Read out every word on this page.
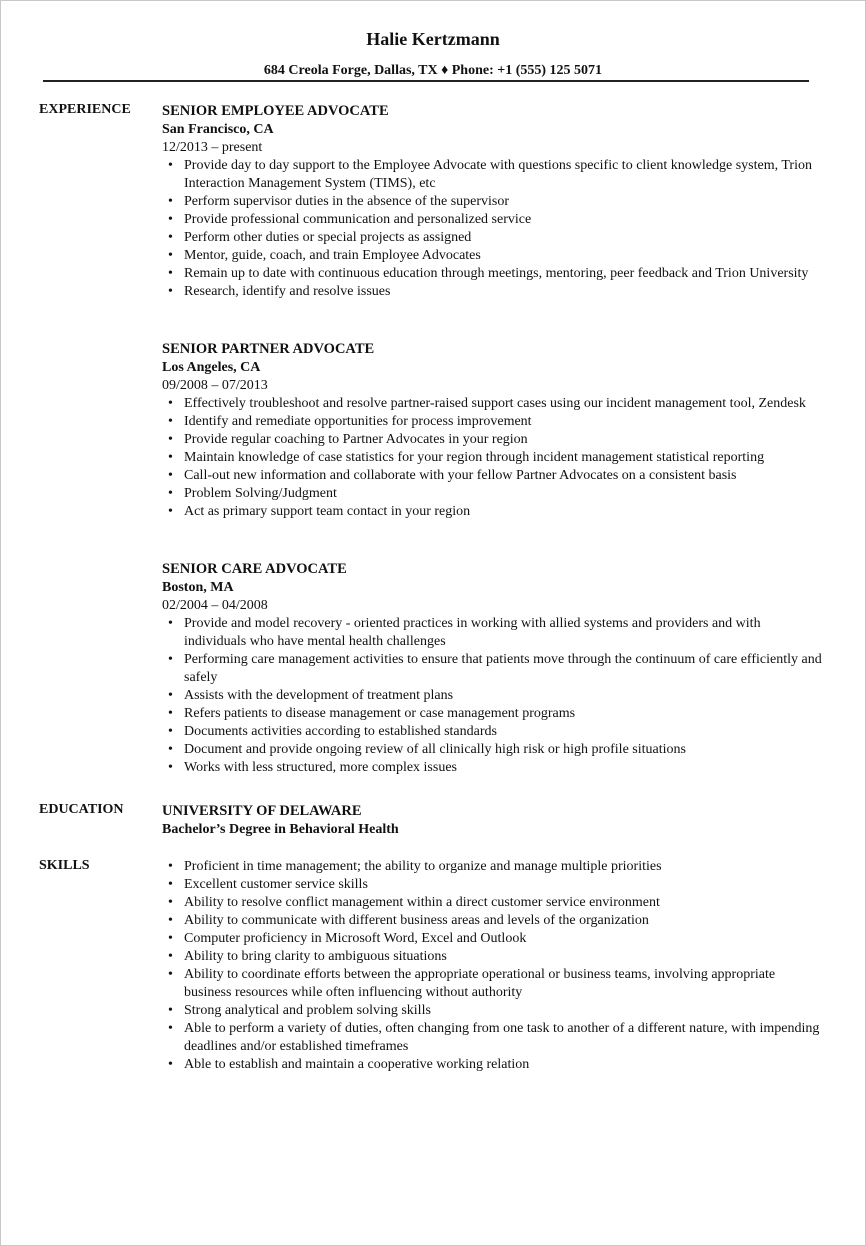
Halie Kertzmann
684 Creola Forge, Dallas, TX ♦ Phone: +1 (555) 125 5071
EXPERIENCE SENIOR EMPLOYEE ADVOCATE
San Francisco, CA
12/2013 – present
• Provide day to day support to the Employee Advocate with questions specific to client knowledge system, Trion Interaction Management System (TIMS), etc
• Perform supervisor duties in the absence of the supervisor
• Provide professional communication and personalized service
• Perform other duties or special projects as assigned
• Mentor, guide, coach, and train Employee Advocates
• Remain up to date with continuous education through meetings, mentoring, peer feedback and Trion University
• Research, identify and resolve issues
SENIOR PARTNER ADVOCATE
Los Angeles, CA
09/2008 – 07/2013
• Effectively troubleshoot and resolve partner-raised support cases using our incident management tool, Zendesk
• Identify and remediate opportunities for process improvement
• Provide regular coaching to Partner Advocates in your region
• Maintain knowledge of case statistics for your region through incident management statistical reporting
• Call-out new information and collaborate with your fellow Partner Advocates on a consistent basis
• Problem Solving/Judgment
• Act as primary support team contact in your region
SENIOR CARE ADVOCATE
Boston, MA
02/2004 – 04/2008
• Provide and model recovery - oriented practices in working with allied systems and providers and with individuals who have mental health challenges
• Performing care management activities to ensure that patients move through the continuum of care efficiently and safely
• Assists with the development of treatment plans
• Refers patients to disease management or case management programs
• Documents activities according to established standards
• Document and provide ongoing review of all clinically high risk or high profile situations
• Works with less structured, more complex issues
EDUCATION	UNIVERSITY OF DELAWARE
Bachelor’s Degree in Behavioral Health
SKILLS
•	Proficient in time management; the ability to organize and manage multiple priorities
• Excellent customer service skills
• Ability to resolve conflict management within a direct customer service environment
• Ability to communicate with different business areas and levels of the organization
• Computer proficiency in Microsoft Word, Excel and Outlook
• Ability to bring clarity to ambiguous situations
• Ability to coordinate efforts between the appropriate operational or business teams, involving appropriate business resources while often influencing without authority
• Strong analytical and problem solving skills
• Able to perform a variety of duties, often changing from one task to another of a different nature, with impending deadlines and/or established timeframes
• Able to establish and maintain a cooperative working relation
